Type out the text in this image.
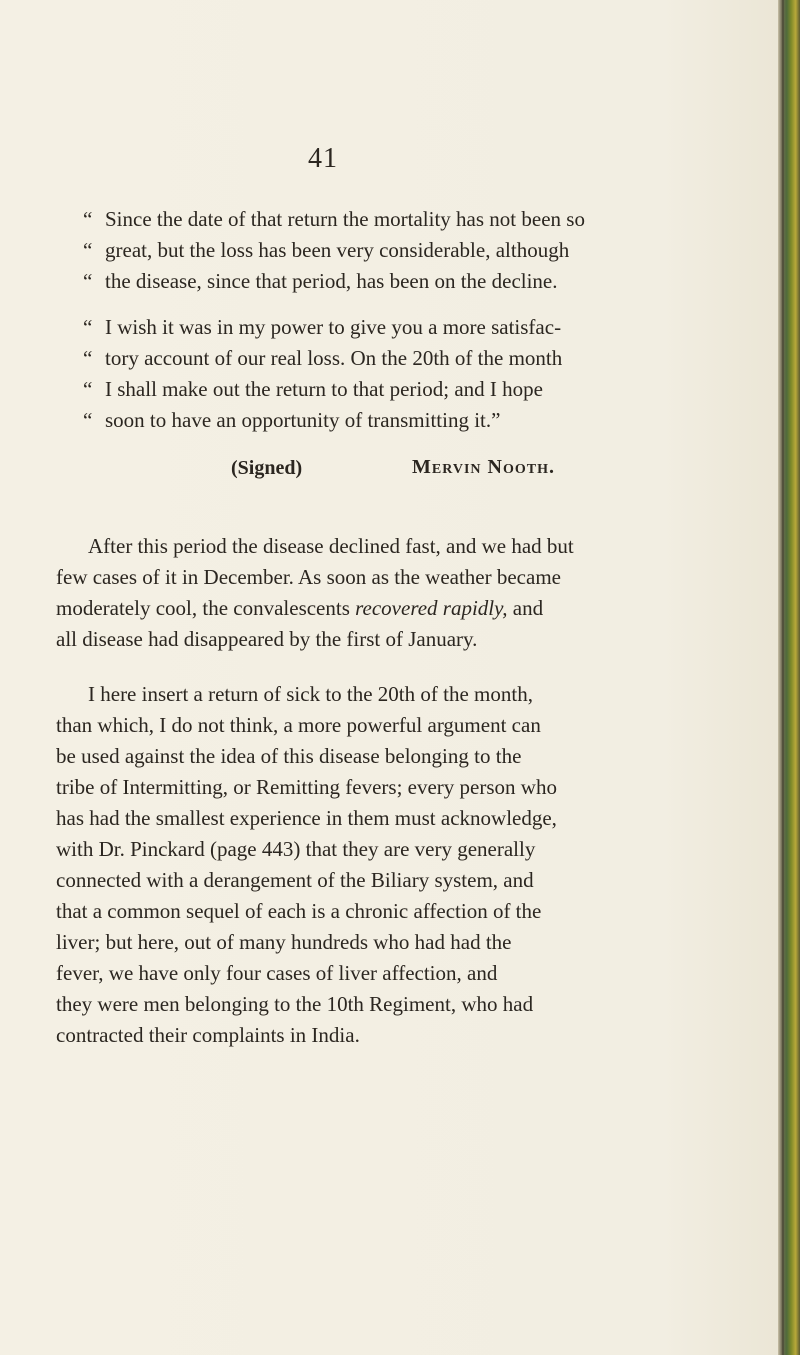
41
“ Since the date of that return the mortality has not been so
“ great, but the loss has been very considerable, although
“ the disease, since that period, has been on the decline.
“ I wish it was in my power to give you a more satisfac-
“ tory account of our real loss. On the 20th of the month
“ I shall make out the return to that period; and I hope
“ soon to have an opportunity of transmitting it.”
(Signed)	Mervin Nooth.
After this period the disease declined fast, and we had but
few cases of it in December. As soon as the weather became
moderately cool, the convalescents recovered rapidly, and
all disease had disappeared by the first of January.
I here insert a return of sick to the 20th of the month,
than which, I do not think, a more powerful argument can
be used against the idea of this disease belonging to the
tribe of Intermitting, or Remitting fevers; every person who
has had the smallest experience in them must acknowledge,
with Dr. Pinckard (page 443) that they are very generally
connected with a derangement of the Biliary system, and
that a common sequel of each is a chronic affection of the
liver; but here, out of many hundreds who had had the
fever, we have only four cases of liver affection, and
they were men belonging to the 10th Regiment, who had
contracted their complaints in India.
